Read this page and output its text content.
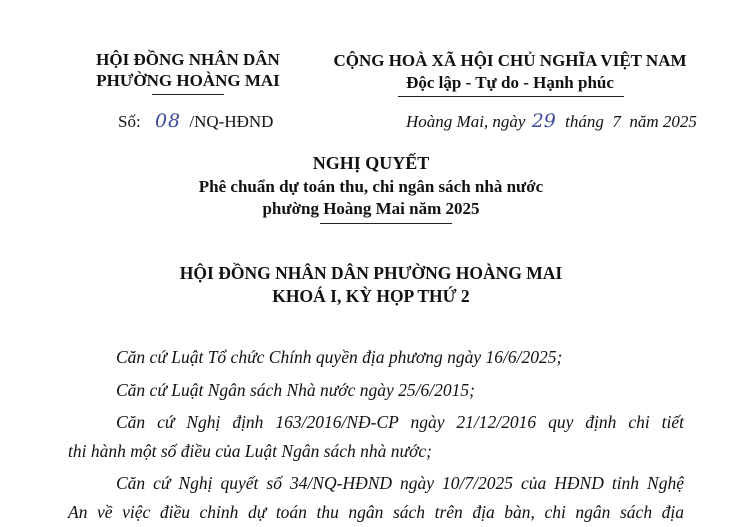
HỘI ĐỒNG NHÂN DÂN
PHƯỜNG HOÀNG MAI
CỘNG HOÀ XÃ HỘI CHỦ NGHĨA VIỆT NAM
Độc lập - Tự do - Hạnh phúc
Số: 08 /NQ-HĐND	Hoàng Mai, ngày 29 tháng  7  năm 2025
NGHỊ QUYẾT
Phê chuẩn dự toán thu, chi ngân sách nhà nước
phường Hoàng Mai năm 2025
HỘI ĐỒNG NHÂN DÂN PHƯỜNG HOÀNG MAI
KHOÁ I, KỲ HỌP THỨ 2
Căn cứ Luật Tổ chức Chính quyền địa phương ngày 16/6/2025;
Căn cứ Luật Ngân sách Nhà nước ngày 25/6/2015;
Căn cứ Nghị định 163/2016/NĐ-CP ngày 21/12/2016 quy định chi tiết
thi hành một số điều của Luật Ngân sách nhà nước;
Căn cứ Nghị quyết số 34/NQ-HĐND ngày 10/7/2025 của HĐND tỉnh Nghệ
An về việc điều chỉnh dự toán thu ngân sách trên địa bàn, chi ngân sách địa
